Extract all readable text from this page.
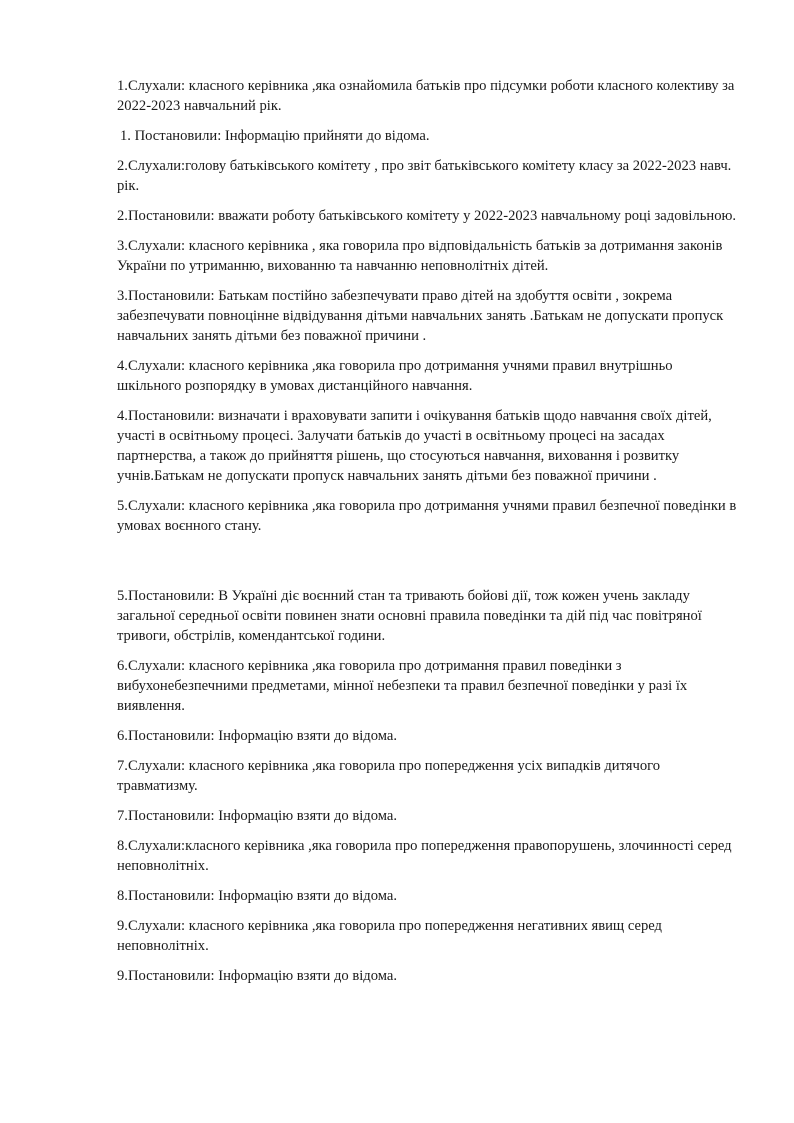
1.Слухали: класного керівника ,яка ознайомила батьків про підсумки роботи класного колективу за 2022-2023 навчальний рік.

1. Постановили: Інформацію прийняти до відома.

2.Слухали:голову батьківського комітету , про звіт батьківського комітету класу за 2022-2023 навч. рік.

2.Постановили: вважати роботу батьківського комітету у 2022-2023 навчальному році задовільною.

3.Слухали: класного керівника , яка говорила про відповідальність батьків за дотримання законів України по утриманню, вихованню та навчанню неповнолітніх дітей.

3.Постановили: Батькам постійно забезпечувати право дітей на здобуття освіти , зокрема забезпечувати повноцінне відвідування дітьми навчальних занять .Батькам не допускати пропуск навчальних занять дітьми без поважної причини .

4.Слухали: класного керівника ,яка говорила про дотримання учнями правил внутрішньо шкільного розпорядку в умовах дистанційного навчання.

4.Постановили: визначати і враховувати запити і очікування батьків щодо навчання своїх дітей, участі в освітньому процесі. Залучати батьків до участі в освітньому процесі на засадах партнерства, а також до прийняття рішень, що стосуються навчання, виховання і розвитку учнів.Батькам не допускати пропуск навчальних занять дітьми без поважної причини .

5.Слухали: класного керівника ,яка говорила про дотримання учнями правил безпечної поведінки в умовах воєнного стану.

5.Постановили: В Україні діє воєнний стан та тривають бойові дії, тож кожен учень закладу загальної середньої освіти повинен знати основні правила поведінки та дій під час повітряної тривоги, обстрілів, комендантської години.

6.Слухали: класного керівника ,яка говорила про дотримання правил поведінки з вибухонебезпечними предметами, мінної небезпеки та правил безпечної поведінки у разі їх виявлення.

6.Постановили: Інформацію взяти до відома.

7.Слухали: класного керівника ,яка говорила про попередження усіх випадків дитячого травматизму.

7.Постановили: Інформацію взяти до відома.

8.Слухали:класного керівника ,яка говорила про попередження правопорушень, злочинності серед неповнолітніх.

8.Постановили: Інформацію взяти до відома.

9.Слухали: класного керівника ,яка говорила про попередження негативних явищ серед неповнолітніх.

9.Постановили: Інформацію взяти до відома.
